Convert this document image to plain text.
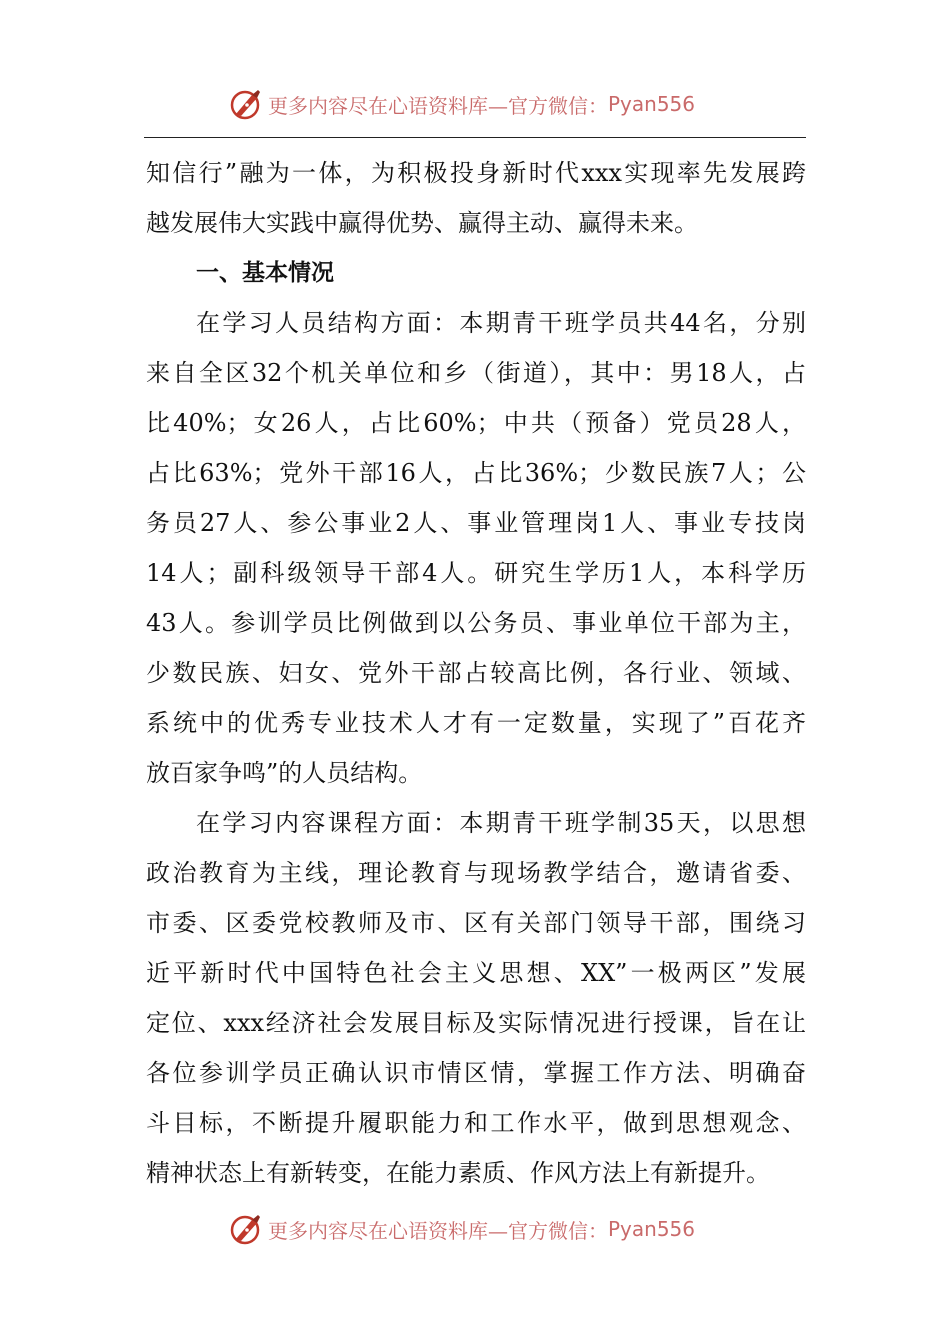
更多内容尽在心语资料库—官方微信： Pyan556
知信行”融为一体，为积极投身新时代xxx实现率先发展跨
越发展伟大实践中赢得优势、赢得主动、赢得未来。
一、基本情况
在学习人员结构方面：本期青干班学员共44名，分别
来自全区32个机关单位和乡（街道），其中：男18人，占
比40%；女26人，占比60%；中共（预备）党员28人，
占比63%；党外干部16人，占比36%；少数民族7人；公
务员27人、参公事业2人、事业管理岗1人、事业专技岗
14人；副科级领导干部4人。研究生学历1人，本科学历
43人。参训学员比例做到以公务员、事业单位干部为主，
少数民族、妇女、党外干部占较高比例，各行业、领域、
系统中的优秀专业技术人才有一定数量，实现了”百花齐
放百家争鸣”的人员结构。
在学习内容课程方面：本期青干班学制35天，以思想
政治教育为主线，理论教育与现场教学结合，邀请省委、
市委、区委党校教师及市、区有关部门领导干部，围绕习
近平新时代中国特色社会主义思想、XX”一极两区”发展
定位、xxx经济社会发展目标及实际情况进行授课，旨在让
各位参训学员正确认识市情区情，掌握工作方法、明确奋
斗目标，不断提升履职能力和工作水平，做到思想观念、
精神状态上有新转变，在能力素质、作风方法上有新提升。
更多内容尽在心语资料库—官方微信： Pyan556
